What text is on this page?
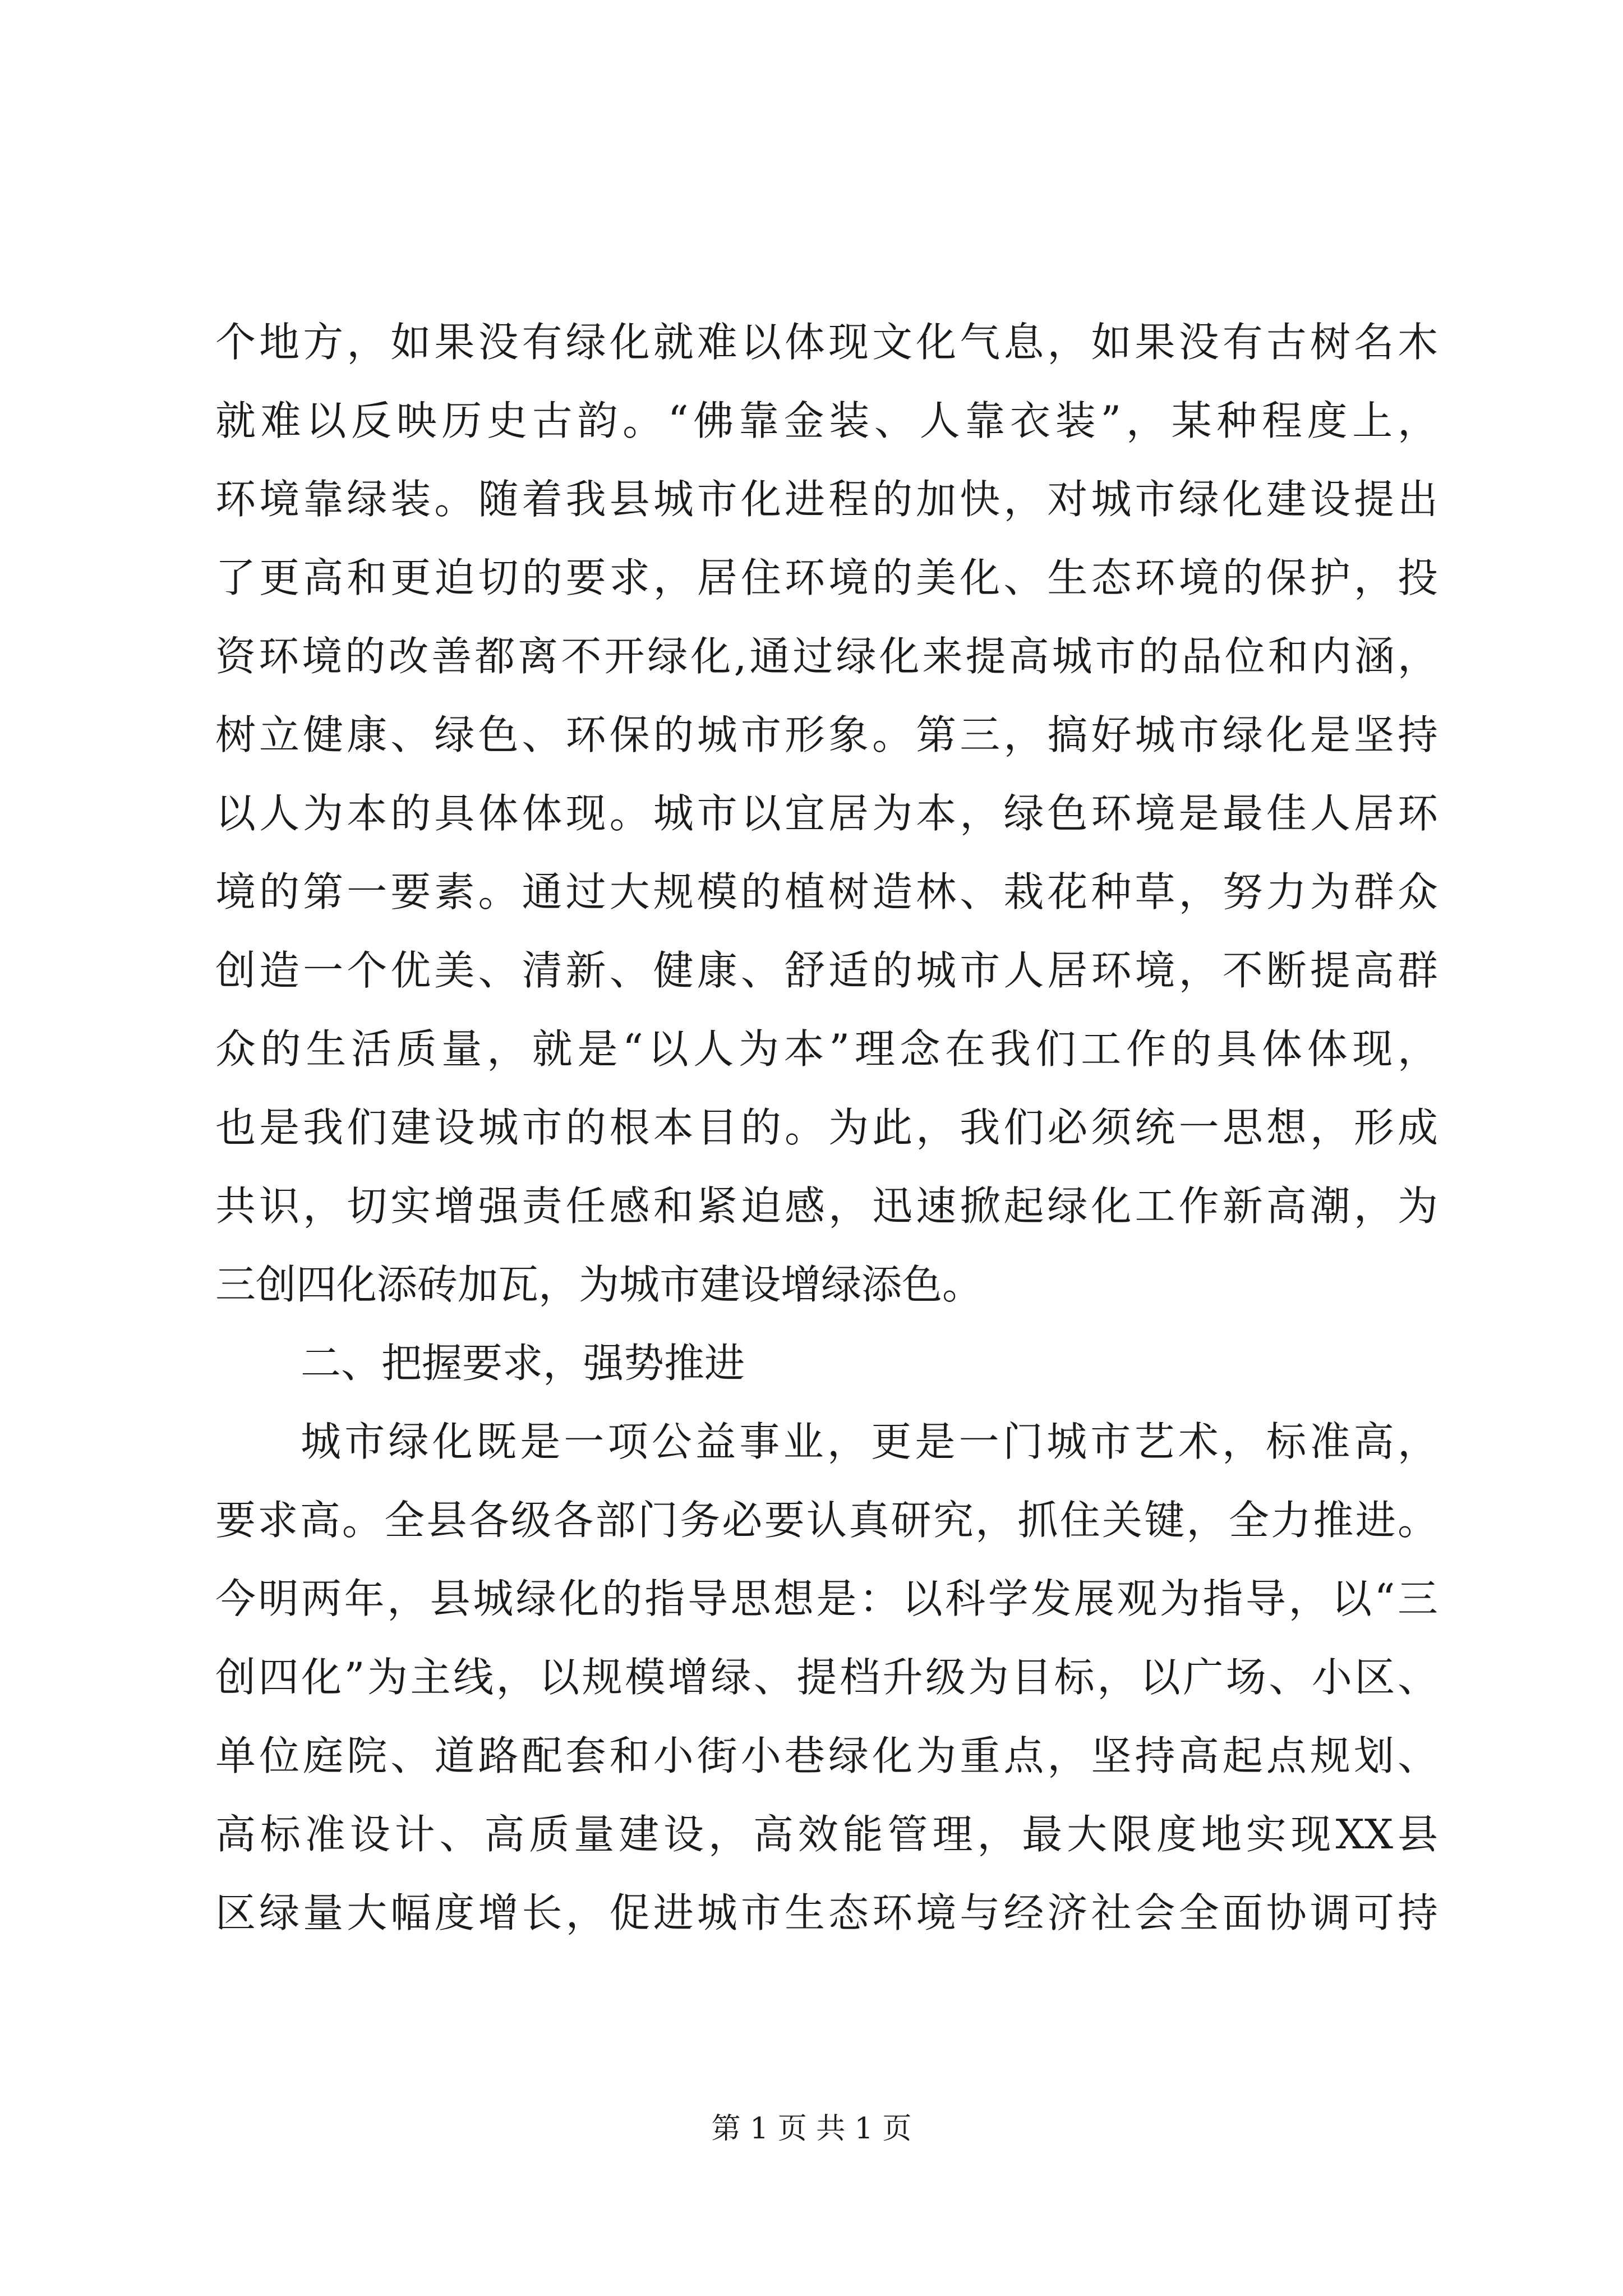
个地方，如果没有绿化就难以体现文化气息，如果没有古树名木
就难以反映历史古韵。“佛靠金装、人靠衣装”，某种程度上，
环境靠绿装。随着我县城市化进程的加快，对城市绿化建设提出
了更高和更迫切的要求，居住环境的美化、生态环境的保护，投
资环境的改善都离不开绿化,通过绿化来提高城市的品位和内涵，
树立健康、绿色、环保的城市形象。第三，搞好城市绿化是坚持
以人为本的具体体现。城市以宜居为本，绿色环境是最佳人居环
境的第一要素。通过大规模的植树造林、栽花种草，努力为群众
创造一个优美、清新、健康、舒适的城市人居环境，不断提高群
众的生活质量，就是“以人为本”理念在我们工作的具体体现，
也是我们建设城市的根本目的。为此，我们必须统一思想，形成
共识，切实增强责任感和紧迫感，迅速掀起绿化工作新高潮，为
三创四化添砖加瓦，为城市建设增绿添色。
二、把握要求，强势推进
城市绿化既是一项公益事业，更是一门城市艺术，标准高，
要求高。全县各级各部门务必要认真研究，抓住关键，全力推进。
今明两年，县城绿化的指导思想是：以科学发展观为指导，以“三
创四化”为主线，以规模增绿、提档升级为目标，以广场、小区、
单位庭院、道路配套和小街小巷绿化为重点，坚持高起点规划、
高标准设计、高质量建设，高效能管理，最大限度地实现XX县
区绿量大幅度增长，促进城市生态环境与经济社会全面协调可持
第 1 页 共 1 页
